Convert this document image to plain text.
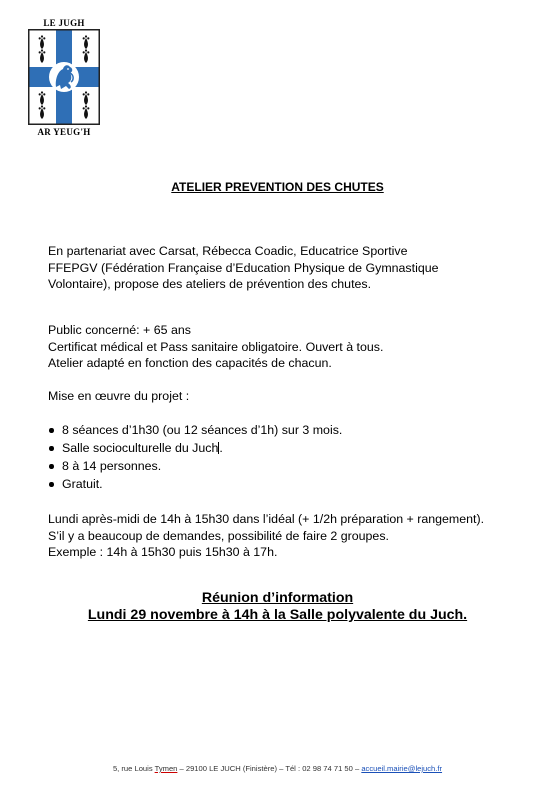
LE JUGH
AR YEUG'H
ATELIER PREVENTION DES CHUTES
En partenariat avec Carsat, Rébecca Coadic, Educatrice Sportive
FFEPGV (Fédération Française d’Education Physique de Gymnastique
Volontaire), propose des ateliers de prévention des chutes.
Public concerné: + 65 ans
Certificat médical et Pass sanitaire obligatoire. Ouvert à tous.
Atelier adapté en fonction des capacités de chacun.
Mise en œuvre du projet :
8 séances d’1h30 (ou 12 séances d’1h) sur 3 mois.
Salle socioculturelle du Juch.
8 à 14 personnes.
Gratuit.
Lundi après-midi de 14h à 15h30 dans l’idéal (+ 1/2h préparation + rangement).
S’il y a beaucoup de demandes, possibilité de faire 2 groupes.
Exemple : 14h à 15h30 puis 15h30 à 17h.
Réunion d’information
Lundi 29 novembre à 14h à la Salle polyvalente du Juch.
5, rue Louis Tymen – 29100 LE JUCH (Finistère) – Tél : 02 98 74 71 50 – accueil.mairie@lejuch.fr
